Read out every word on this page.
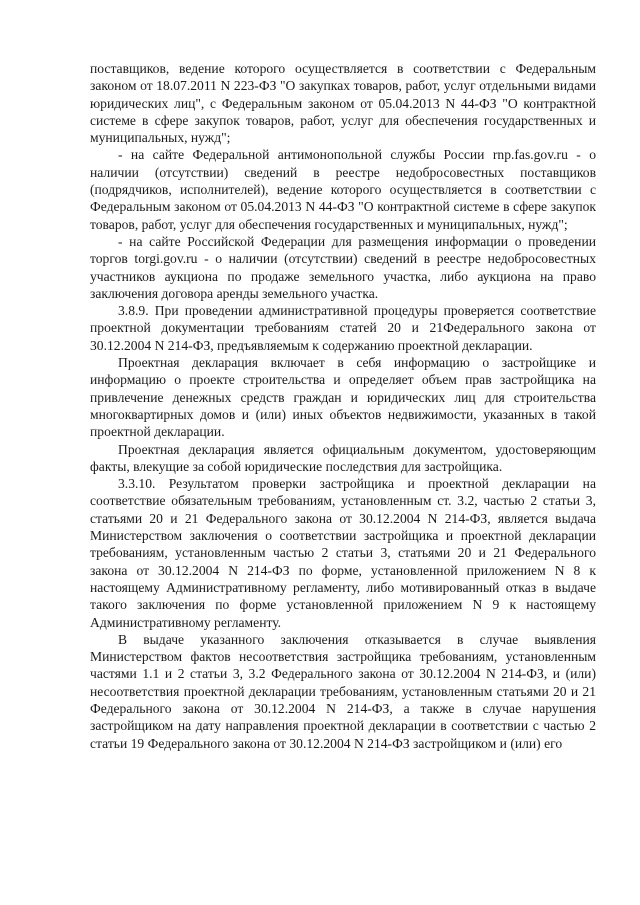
поставщиков, ведение которого осуществляется в соответствии с Федеральным законом от 18.07.2011 N 223-ФЗ "О закупках товаров, работ, услуг отдельными видами юридических лиц", с Федеральным законом от 05.04.2013 N 44-ФЗ "О контрактной системе в сфере закупок товаров, работ, услуг для обеспечения государственных и муниципальных, нужд";

- на сайте Федеральной антимонопольной службы России rnp.fas.gov.ru - о наличии (отсутствии) сведений в реестре недобросовестных поставщиков (подрядчиков, исполнителей), ведение которого осуществляется в соответствии с Федеральным законом от 05.04.2013 N 44-ФЗ "О контрактной системе в сфере закупок товаров, работ, услуг для обеспечения государственных и муниципальных, нужд";

- на сайте Российской Федерации для размещения информации о проведении торгов torgi.gov.ru - о наличии (отсутствии) сведений в реестре недобросовестных участников аукциона по продаже земельного участка, либо аукциона на право заключения договора аренды земельного участка.

3.8.9. При проведении административной процедуры проверяется соответствие проектной документации требованиям статей 20 и 21Федерального закона от 30.12.2004 N 214-ФЗ, предъявляемым к содержанию проектной декларации.

Проектная декларация включает в себя информацию о застройщике и информацию о проекте строительства и определяет объем прав застройщика на привлечение денежных средств граждан и юридических лиц для строительства многоквартирных домов и (или) иных объектов недвижимости, указанных в такой проектной декларации.

Проектная декларация является официальным документом, удостоверяющим факты, влекущие за собой юридические последствия для застройщика.

3.3.10. Результатом проверки застройщика и проектной декларации на соответствие обязательным требованиям, установленным ст. 3.2, частью 2 статьи 3, статьями 20 и 21 Федерального закона от 30.12.2004 N 214-ФЗ, является выдача Министерством заключения о соответствии застройщика и проектной декларации требованиям, установленным частью 2 статьи 3, статьями 20 и 21 Федерального закона от 30.12.2004 N 214-ФЗ по форме, установленной приложением N 8 к настоящему Административному регламенту, либо мотивированный отказ в выдаче такого заключения по форме установленной приложением N 9 к настоящему Административному регламенту.

В выдаче указанного заключения отказывается в случае выявления Министерством фактов несоответствия застройщика требованиям, установленным частями 1.1 и 2 статьи 3, 3.2 Федерального закона от 30.12.2004 N 214-ФЗ, и (или) несоответствия проектной декларации требованиям, установленным статьями 20 и 21 Федерального закона от 30.12.2004 N 214-ФЗ, а также в случае нарушения застройщиком на дату направления проектной декларации в соответствии с частью 2 статьи 19 Федерального закона от 30.12.2004 N 214-ФЗ застройщиком и (или) его
